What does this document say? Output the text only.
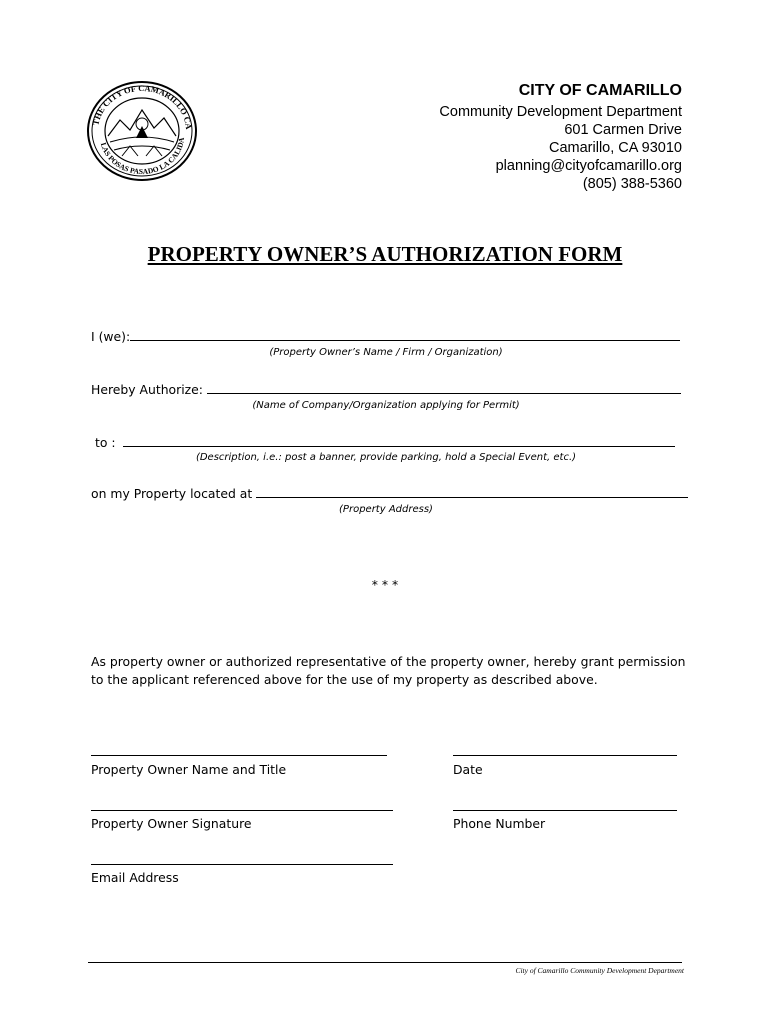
THE CITY OF CAMARILLO CA
LAS POSAS PASADO LA CALIDA
CITY OF CAMARILLO
Community Development Department
601 Carmen Drive
Camarillo, CA 93010
planning@cityofcamarillo.org
(805) 388-5360
PROPERTY OWNER’S AUTHORIZATION FORM
I (we):
(Property Owner’s Name / Firm / Organization)
Hereby Authorize:
(Name of Company/Organization applying for Permit)
to :
(Description, i.e.: post a banner, provide parking, hold a Special Event, etc.)
on my Property located at
(Property Address)
* * *
As property owner or authorized representative of the property owner, hereby grant permission to the applicant referenced above for the use of my property as described above.
Property Owner Name and Title	Date
Property Owner Signature	Phone Number
Email Address
City of Camarillo Community Development Department
